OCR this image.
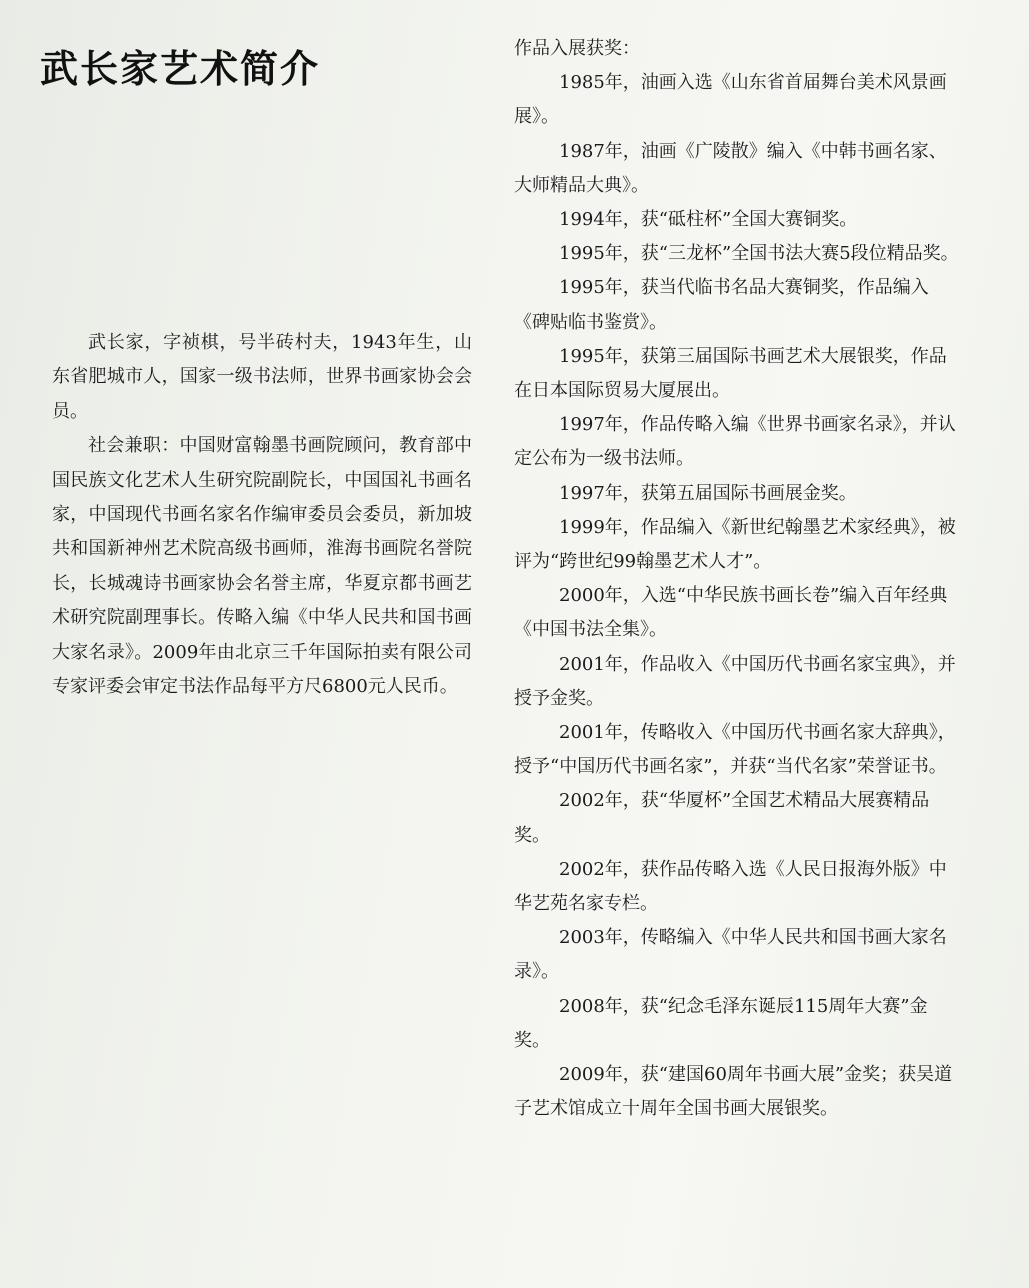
武长家艺术简介

武长家，字祯棋，号半砖村夫，1943年生，山东省肥城市人，国家一级书法师，世界书画家协会会员。

社会兼职：中国财富翰墨书画院顾问，教育部中国民族文化艺术人生研究院副院长，中国国礼书画名家，中国现代书画名家名作编审委员会委员，新加坡共和国新神州艺术院高级书画师，淮海书画院名誉院长，长城魂诗书画家协会名誉主席，华夏京都书画艺术研究院副理事长。传略入编《中华人民共和国书画大家名录》。2009年由北京三千年国际拍卖有限公司专家评委会审定书法作品每平方尺6800元人民币。

作品入展获奖：

1985年，油画入选《山东省首届舞台美术风景画展》。

1987年，油画《广陵散》编入《中韩书画名家、大师精品大典》。

1994年，获“砥柱杯”全国大赛铜奖。

1995年，获“三龙杯”全国书法大赛5段位精品奖。

1995年，获当代临书名品大赛铜奖，作品编入《碑贴临书鉴赏》。

1995年，获第三届国际书画艺术大展银奖，作品在日本国际贸易大厦展出。

1997年，作品传略入编《世界书画家名录》，并认定公布为一级书法师。

1997年，获第五届国际书画展金奖。

1999年，作品编入《新世纪翰墨艺术家经典》，被评为“跨世纪99翰墨艺术人才”。

2000年，入选“中华民族书画长卷”编入百年经典《中国书法全集》。

2001年，作品收入《中国历代书画名家宝典》，并授予金奖。

2001年，传略收入《中国历代书画名家大辞典》，授予“中国历代书画名家”，并获“当代名家”荣誉证书。

2002年，获“华厦杯”全国艺术精品大展赛精品奖。

2002年，获作品传略入选《人民日报海外版》中华艺苑名家专栏。

2003年，传略编入《中华人民共和国书画大家名录》。

2008年，获“纪念毛泽东诞辰115周年大赛”金奖。

2009年，获“建国60周年书画大展”金奖；获吴道子艺术馆成立十周年全国书画大展银奖。
